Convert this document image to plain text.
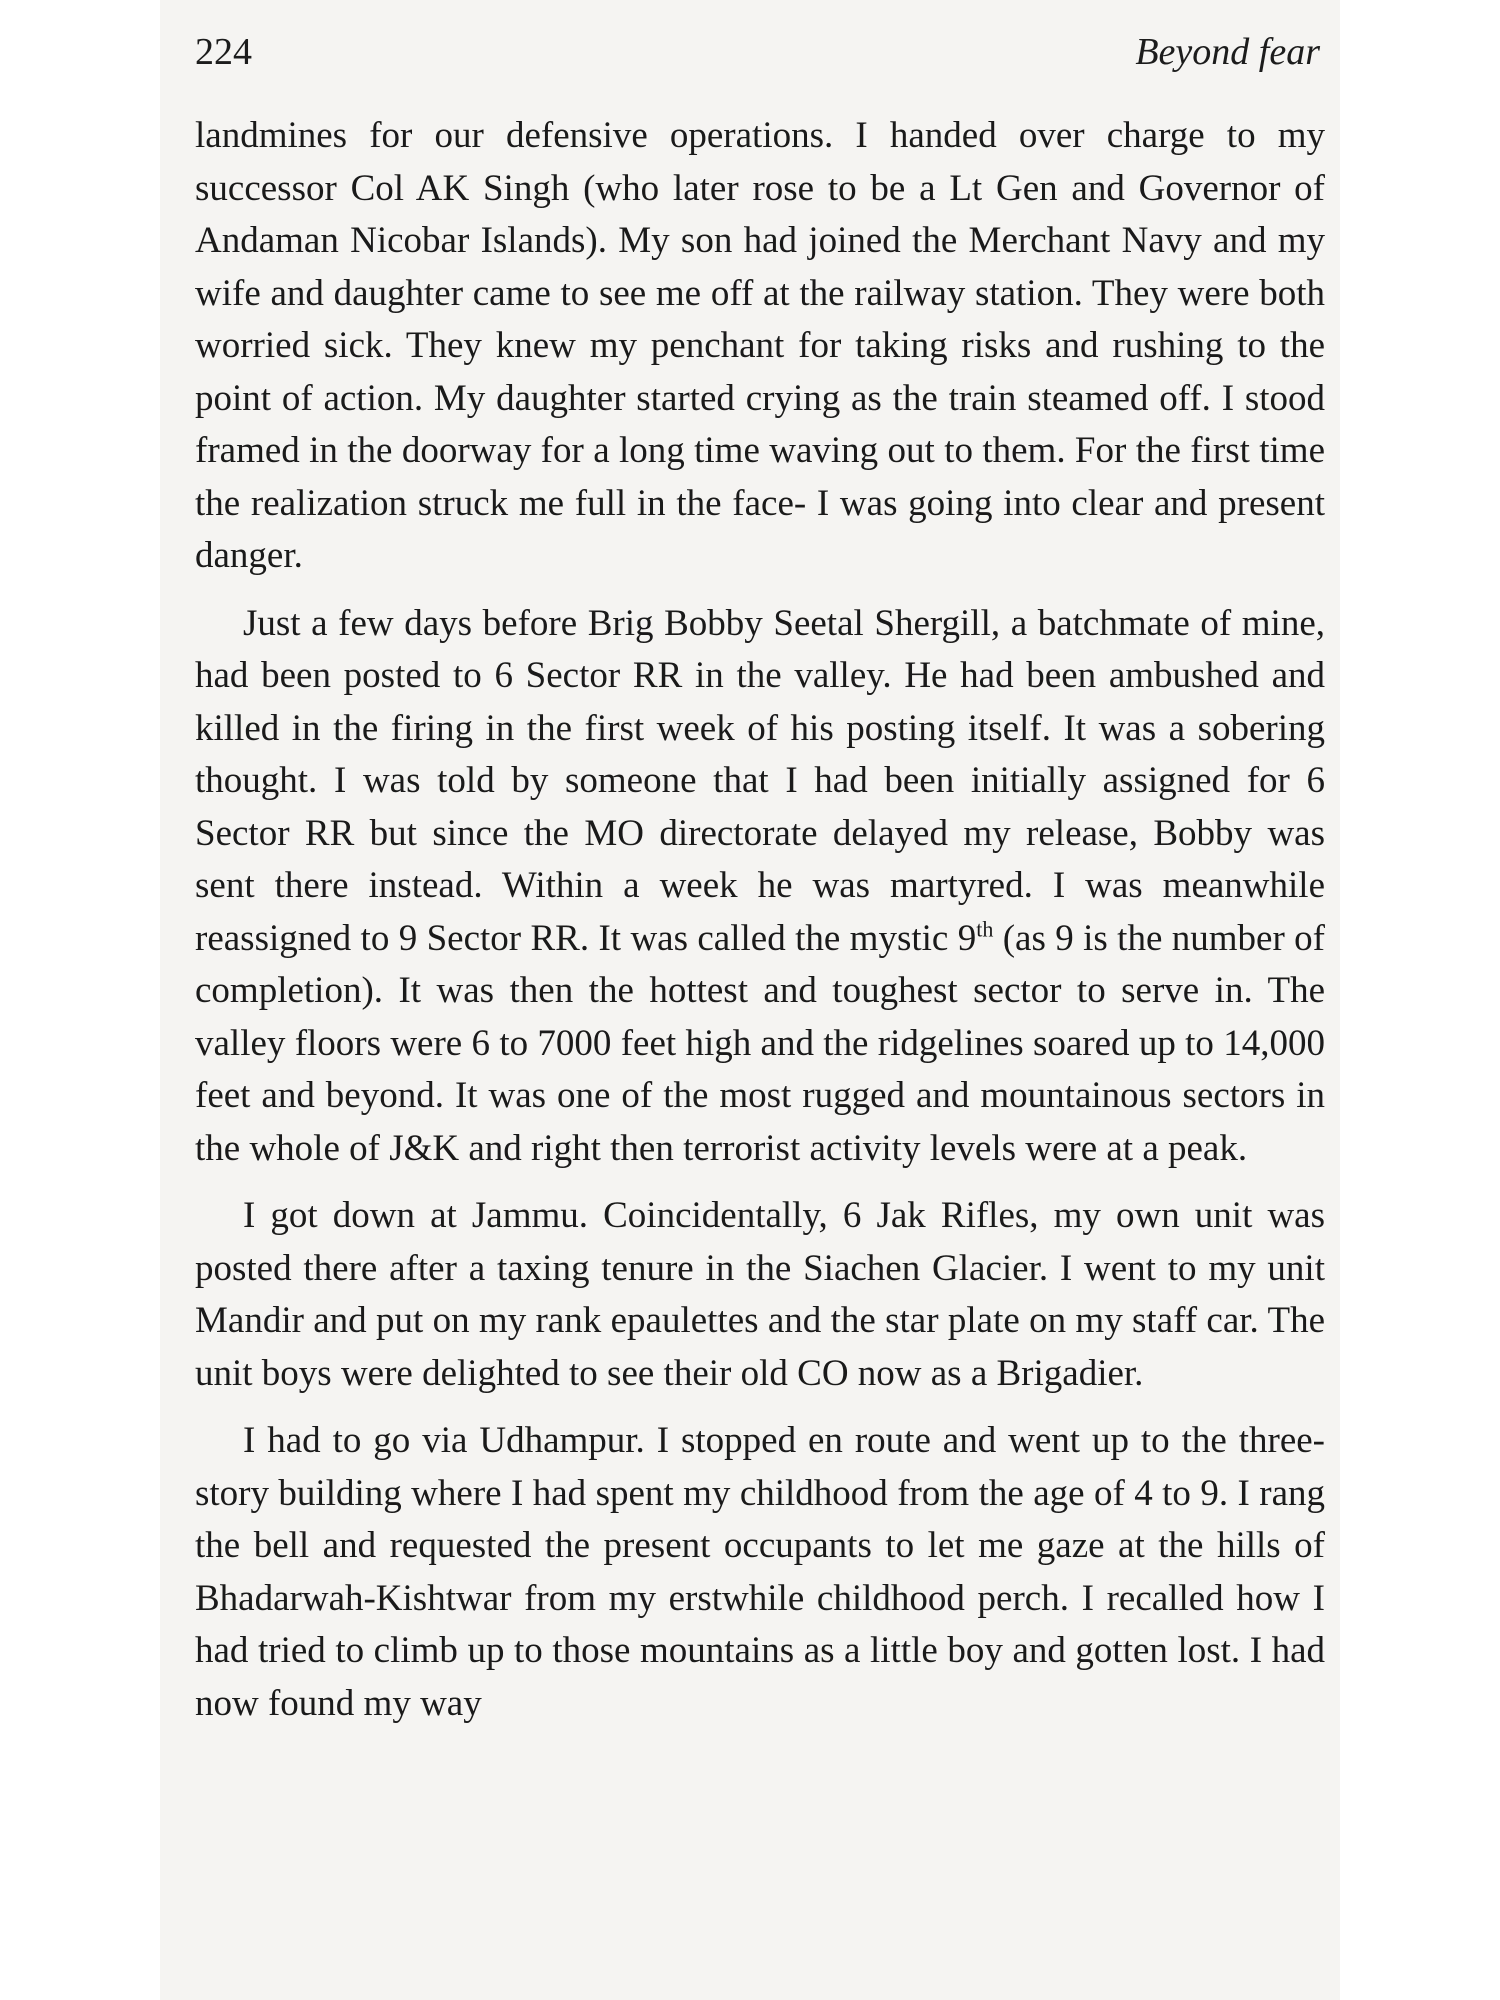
224	Beyond fear

landmines for our defensive operations. I handed over charge to my successor Col AK Singh (who later rose to be a Lt Gen and Governor of Andaman Nicobar Islands). My son had joined the Merchant Navy and my wife and daughter came to see me off at the railway station. They were both worried sick. They knew my penchant for taking risks and rushing to the point of action. My daughter started crying as the train steamed off. I stood framed in the doorway for a long time waving out to them. For the first time the realization struck me full in the face- I was going into clear and present danger.

Just a few days before Brig Bobby Seetal Shergill, a batchmate of mine, had been posted to 6 Sector RR in the valley. He had been ambushed and killed in the firing in the first week of his posting itself. It was a sobering thought. I was told by someone that I had been initially assigned for 6 Sector RR but since the MO directorate delayed my release, Bobby was sent there instead. Within a week he was martyred. I was meanwhile reassigned to 9 Sector RR. It was called the mystic 9th (as 9 is the number of completion). It was then the hottest and toughest sector to serve in. The valley floors were 6 to 7000 feet high and the ridgelines soared up to 14,000 feet and beyond. It was one of the most rugged and mountainous sectors in the whole of J&K and right then terrorist activity levels were at a peak.

I got down at Jammu. Coincidentally, 6 Jak Rifles, my own unit was posted there after a taxing tenure in the Siachen Glacier. I went to my unit Mandir and put on my rank epaulettes and the star plate on my staff car. The unit boys were delighted to see their old CO now as a Brigadier.

I had to go via Udhampur. I stopped en route and went up to the three-story building where I had spent my childhood from the age of 4 to 9. I rang the bell and requested the present occupants to let me gaze at the hills of Bhadarwah-Kishtwar from my erstwhile childhood perch. I recalled how I had tried to climb up to those mountains as a little boy and gotten lost. I had now found my way
